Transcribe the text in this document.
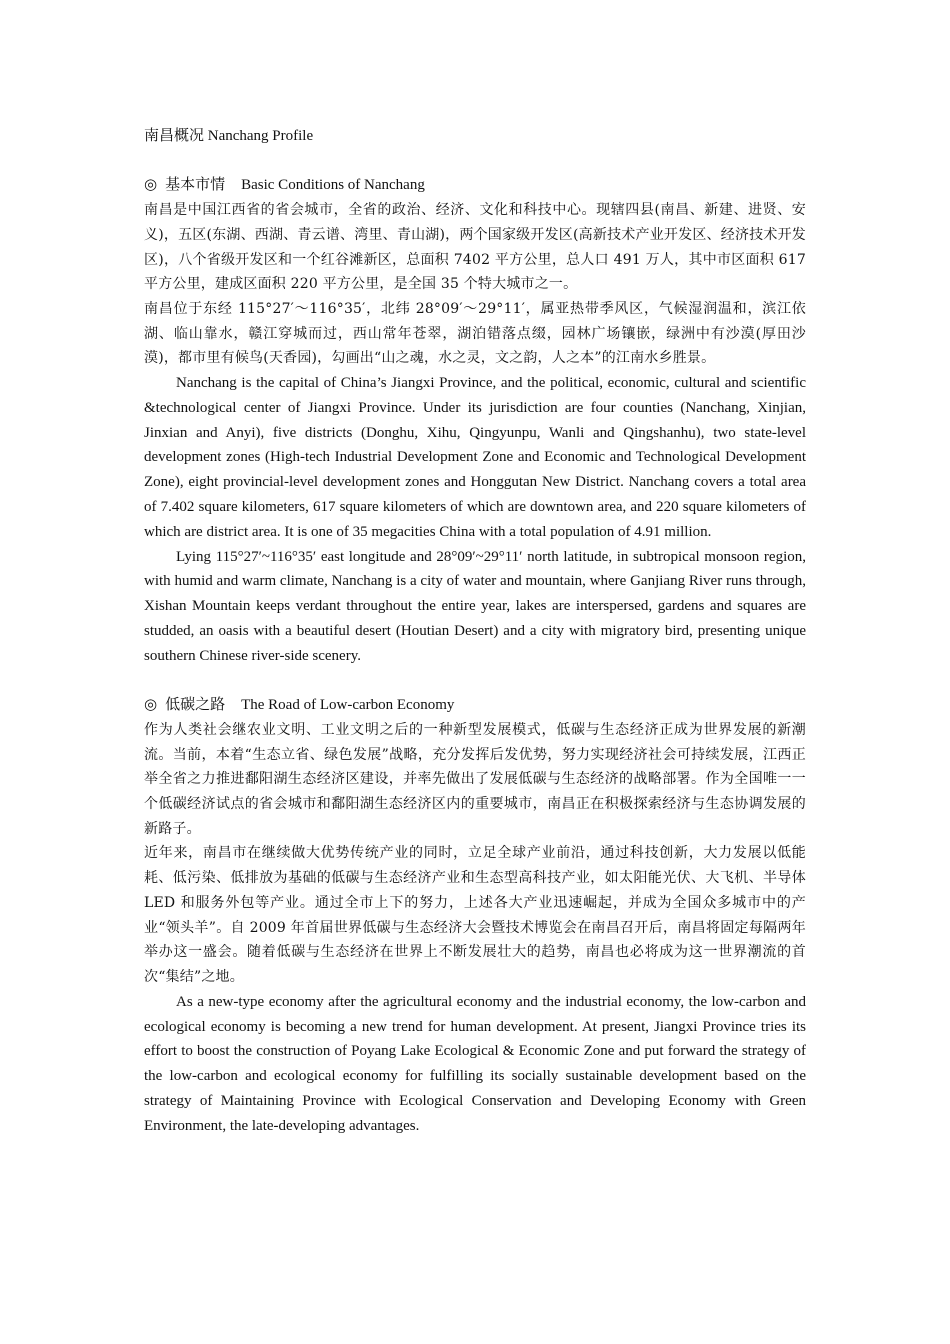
南昌概况 Nanchang Profile

◎ 基本市情 Basic Conditions of Nanchang

南昌是中国江西省的省会城市，全省的政治、经济、文化和科技中心。现辖四县(南昌、新建、进贤、安义)，五区(东湖、西湖、青云谱、湾里、青山湖)，两个国家级开发区(高新技术产业开发区、经济技术开发区)，八个省级开发区和一个红谷滩新区，总面积 7402 平方公里，总人口 491 万人，其中市区面积 617 平方公里，建成区面积 220 平方公里，是全国 35 个特大城市之一。

南昌位于东经 115°27′～116°35′，北纬 28°09′～29°11′，属亚热带季风区，气候湿润温和，滨江依湖、临山靠水，赣江穿城而过，西山常年苍翠，湖泊错落点缀，园林广场镶嵌，绿洲中有沙漠(厚田沙漠)，都市里有候鸟(天香园)，勾画出“山之魂，水之灵，文之韵，人之本”的江南水乡胜景。

Nanchang is the capital of China’s Jiangxi Province, and the political, economic, cultural and scientific &technological center of Jiangxi Province. Under its jurisdiction are four counties (Nanchang, Xinjian, Jinxian and Anyi), five districts (Donghu, Xihu, Qingyunpu, Wanli and Qingshanhu), two state-level development zones (High-tech Industrial Development Zone and Economic and Technological Development Zone), eight provincial-level development zones and Honggutan New District. Nanchang covers a total area of 7.402 square kilometers, 617 square kilometers of which are downtown area, and 220 square kilometers of which are district area. It is one of 35 megacities China with a total population of 4.91 million.

Lying 115°27′~116°35′ east longitude and 28°09′~29°11′ north latitude, in subtropical monsoon region, with humid and warm climate, Nanchang is a city of water and mountain, where Ganjiang River runs through, Xishan Mountain keeps verdant throughout the entire year, lakes are interspersed, gardens and squares are studded, an oasis with a beautiful desert (Houtian Desert) and a city with migratory bird, presenting unique southern Chinese river-side scenery.

◎ 低碳之路 The Road of Low-carbon Economy

作为人类社会继农业文明、工业文明之后的一种新型发展模式，低碳与生态经济正成为世界发展的新潮流。当前，本着“生态立省、绿色发展”战略，充分发挥后发优势，努力实现经济社会可持续发展，江西正举全省之力推进鄱阳湖生态经济区建设，并率先做出了发展低碳与生态经济的战略部署。作为全国唯一一个低碳经济试点的省会城市和鄱阳湖生态经济区内的重要城市，南昌正在积极探索经济与生态协调发展的新路子。

近年来，南昌市在继续做大优势传统产业的同时，立足全球产业前沿，通过科技创新，大力发展以低能耗、低污染、低排放为基础的低碳与生态经济产业和生态型高科技产业，如太阳能光伏、大飞机、半导体 LED 和服务外包等产业。通过全市上下的努力，上述各大产业迅速崛起，并成为全国众多城市中的产业“领头羊”。自 2009 年首届世界低碳与生态经济大会暨技术博览会在南昌召开后，南昌将固定每隔两年举办这一盛会。随着低碳与生态经济在世界上不断发展壮大的趋势，南昌也必将成为这一世界潮流的首次“集结”之地。

As a new-type economy after the agricultural economy and the industrial economy, the low-carbon and ecological economy is becoming a new trend for human development. At present, Jiangxi Province tries its effort to boost the construction of Poyang Lake Ecological & Economic Zone and put forward the strategy of the low-carbon and ecological economy for fulfilling its socially sustainable development based on the strategy of Maintaining Province with Ecological Conservation and Developing Economy with Green Environment, the late-developing advantages.
